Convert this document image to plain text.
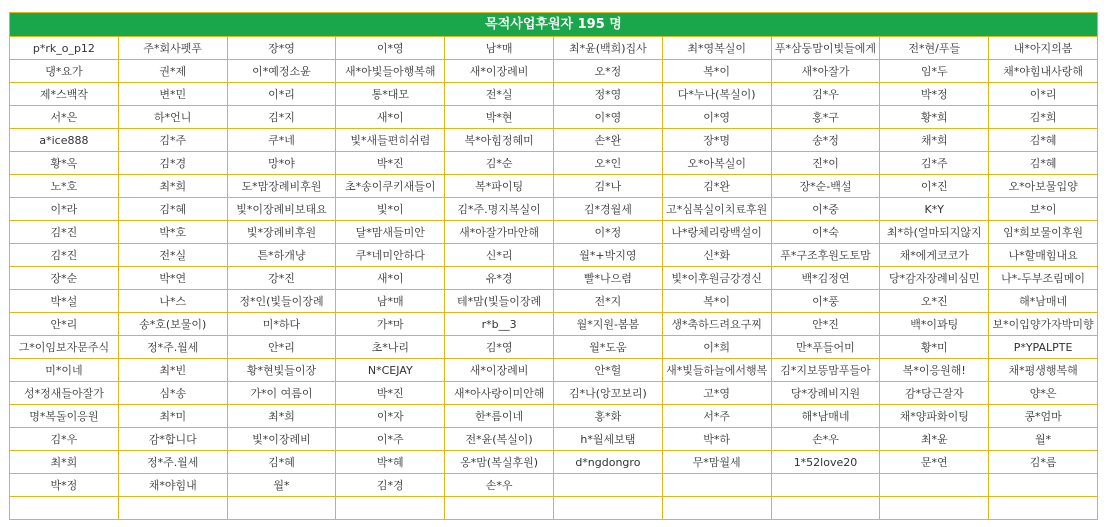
목적사업후원자 195 명
p*rk_o_p12	주*회사펫푸	장*영	이*영	남*매	최*윤(백희)집사	최*영복실이	푸*삼둥맘이빛들에게	전*현/푸들	내*아지의봄
댕*요가	권*제	이*예정소윤	새*아빛들아행복해	새*이장례비	오*정	복*이	새*아잘가	임*두	채*야힘내사랑해
제*스백작	변*민	이*리	통*대모	전*실	정*영	다*누나(복실이)	김*우	박*정	이*리
서*은	하*언니	김*지	새*이	박*현	이*영	이*영	홍*구	황*희	김*희
a*ice888	김*주	쿠*네	빛*새들편히쉬렴	복*아힘정혜미	손*완	장*명	송*정	채*희	김*혜
황*옥	김*경	망*야	박*진	김*순	오*인	오*아복실이	진*이	김*주	김*혜
노*호	최*희	도*맘장례비후원	초*송이쿠키새들이	복*파이팅	김*나	김*완	장*순-백설	이*진	오*아보물입양
이*라	김*혜	빛*이장례비보태요	빛*이	김*주.명지복실이	김*경월세	고*심복실이치료후원	이*중	K*Y	보*이
김*진	박*호	빛*장례비후원	달*맘새들미안	새*아잘가마안해	이*정	나*랑체리랑백설이	이*숙	최*하(얼마되지않지	임*희보물이후원
김*진	전*실	튼*하개냥	쿠*네미안하다	신*리	월*+박지영	신*화	푸*구조후원도토맘	채*에게코코가	나*할매힘내요
장*순	박*연	강*진	새*이	유*경	빨*나으렴	빛*이후원금강경신	백*김정연	당*감자장례비심민	나*-두부조림메이
박*설	나*스	정*인(빛들이장례	남*매	테*맘(빛들이장례	전*지	복*이	이*풍	오*진	해*남매네
안*리	송*호(보물이)	미*하다	가*마	r*b__3	월*지원-봄봄	생*축하드려요구찌	안*진	백*이꽈팅	보*이입양가자박미향
그*이임보자문주식	정*주.월세	안*리	초*나리	김*영	월*도움	이*희	만*푸들어미	황*미	P*YPALPTE
미*이네	최*빈	황*현빛들이장	N*CEJAY	새*이장례비	안*헐	새*빛들하늘에서행복	김*지보뜽맘푸들아	복*이응원해!	채*평생행복해
성*정새들아잘가	심*송	가*이 여름이	박*진	새*아사랑이미안해	김*나(앙꼬보리)	고*영	당*장례비지원	감*당근잘자	양*은
명*복돌이응원	최*미	최*희	이*자	한*름이네	홍*화	서*주	해*남매네	채*양파화이팅	콩*엄마
김*우	감*합니다	빛*이장례비	이*주	전*윤(복실이)	h*월세보탬	박*하	손*우	최*윤	월*
최*희	정*주.월세	김*혜	박*혜	옹*맘(복실후원)	d*ngdongro	무*맘월세	1*52love20	문*연	김*름
박*정	채*야힘내	월*	김*경	손*우					
